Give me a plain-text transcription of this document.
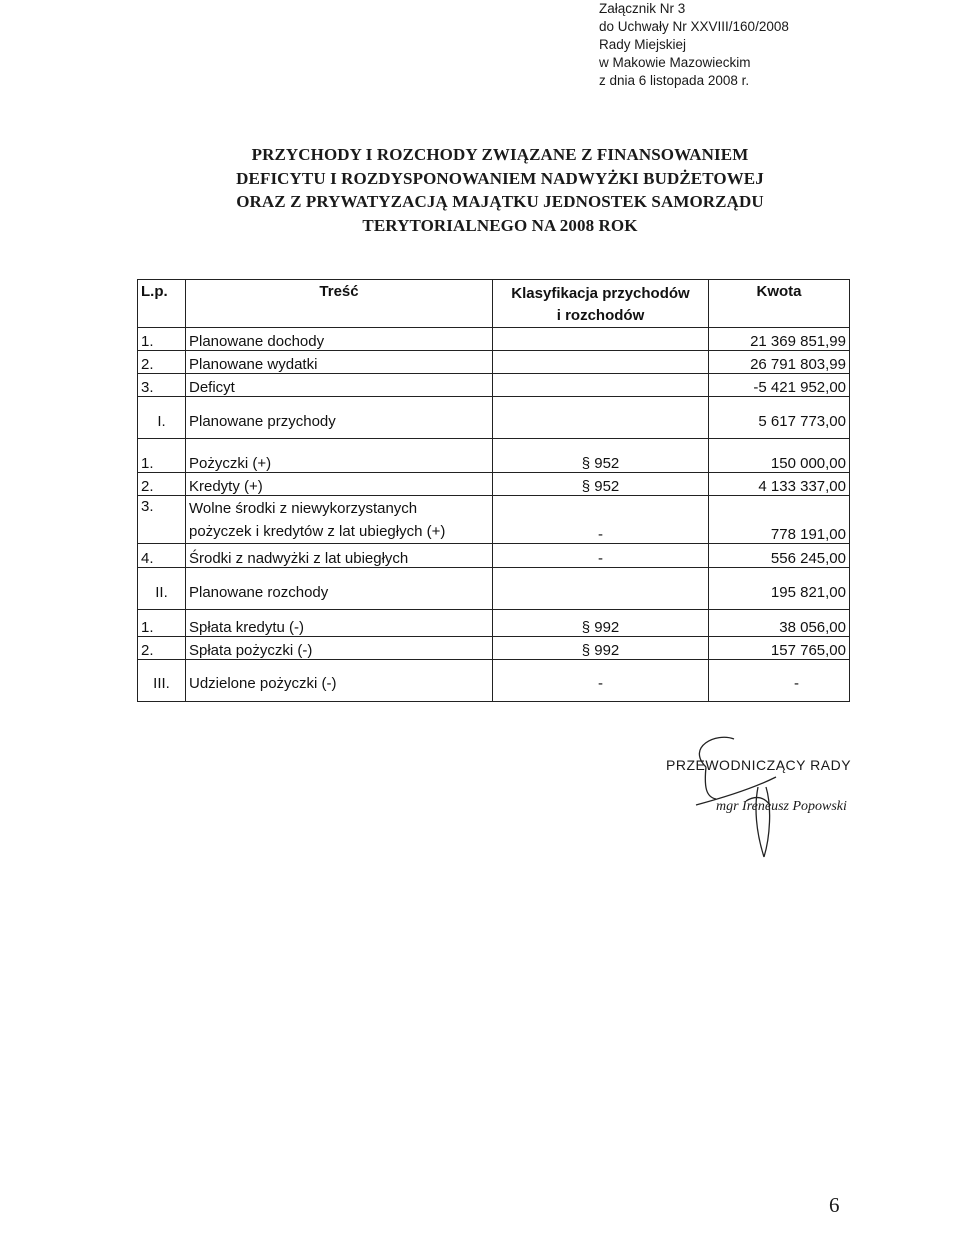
Załącznik Nr 3
do Uchwały Nr XXVIII/160/2008
Rady Miejskiej
w Makowie Mazowieckim
z dnia 6 listopada 2008 r.
PRZYCHODY I ROZCHODY ZWIĄZANE Z FINANSOWANIEM
DEFICYTU I ROZDYSPONOWANIEM NADWYŻKI BUDŻETOWEJ
ORAZ Z PRYWATYZACJĄ MAJĄTKU JEDNOSTEK SAMORZĄDU
TERYTORIALNEGO NA 2008 ROK
L.p.	Treść	Klasyfikacja przychodów
i rozchodów	Kwota
1.	Planowane dochody		21 369 851,99
2.	Planowane wydatki		26 791 803,99
3.	Deficyt		-5 421 952,00
I.	Planowane przychody		5 617 773,00
1.	Pożyczki (+)	§ 952	150 000,00
2.	Kredyty (+)	§ 952	4 133 337,00
3.	Wolne środki z niewykorzystanych
pożyczek i kredytów z lat ubiegłych (+)	-	778 191,00
4.	Środki z nadwyżki z lat ubiegłych	-	556 245,00
II.	Planowane rozchody		195 821,00
1.	Spłata kredytu (-)	§ 992	38 056,00
2.	Spłata pożyczki (-)	§ 992	157 765,00
III.	Udzielone pożyczki (-)	-	-
PRZEWODNICZĄCY RADY
mgr Ireneusz Popowski
6
